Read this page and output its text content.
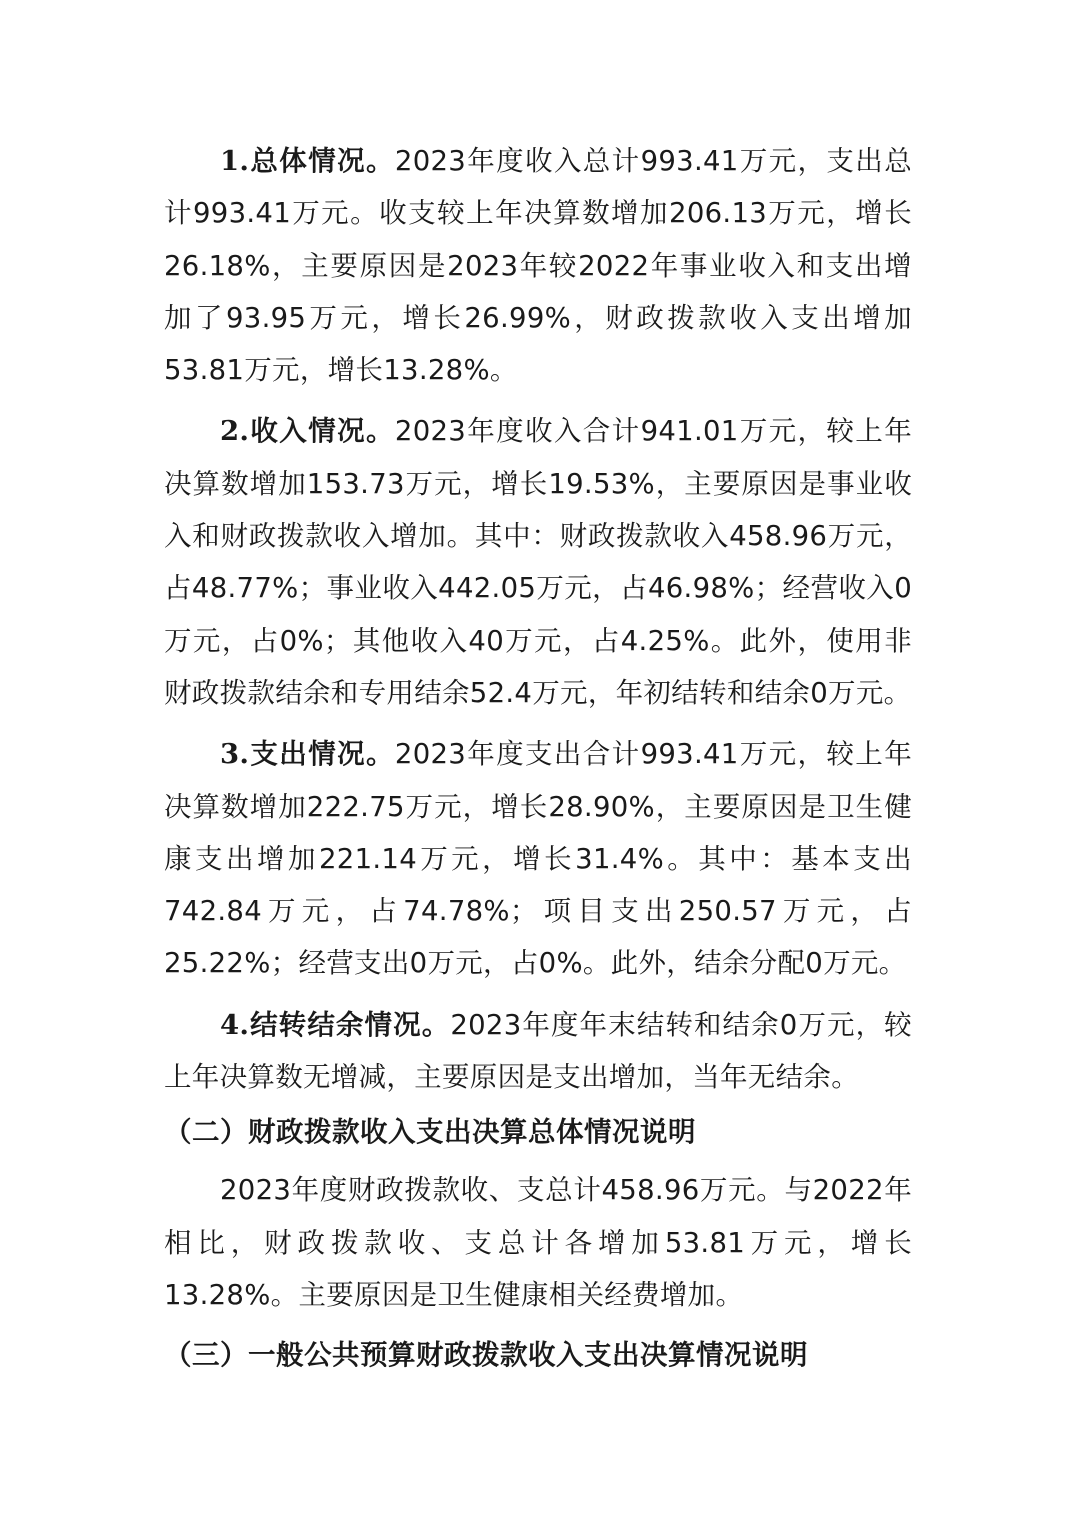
1.总体情况。2023年度收入总计993.41万元，支出总计993.41万元。收支较上年决算数增加206.13万元，增长26.18%，主要原因是2023年较2022年事业收入和支出增加了93.95万元，增长26.99%，财政拨款收入支出增加53.81万元，增长13.28%。

2.收入情况。2023年度收入合计941.01万元，较上年决算数增加153.73万元，增长19.53%，主要原因是事业收入和财政拨款收入增加。其中：财政拨款收入458.96万元，占48.77%；事业收入442.05万元，占46.98%；经营收入0万元，占0%；其他收入40万元，占4.25%。此外，使用非财政拨款结余和专用结余52.4万元，年初结转和结余0万元。

3.支出情况。2023年度支出合计993.41万元，较上年决算数增加222.75万元，增长28.90%，主要原因是卫生健康支出增加221.14万元，增长31.4%。其中：基本支出742.84万元，占74.78%；项目支出250.57万元，占25.22%；经营支出0万元，占0%。此外，结余分配0万元。

4.结转结余情况。2023年度年末结转和结余0万元，较上年决算数无增减，主要原因是支出增加，当年无结余。

（二）财政拨款收入支出决算总体情况说明

2023年度财政拨款收、支总计458.96万元。与2022年相比，财政拨款收、支总计各增加53.81万元，增长13.28%。主要原因是卫生健康相关经费增加。

（三）一般公共预算财政拨款收入支出决算情况说明
